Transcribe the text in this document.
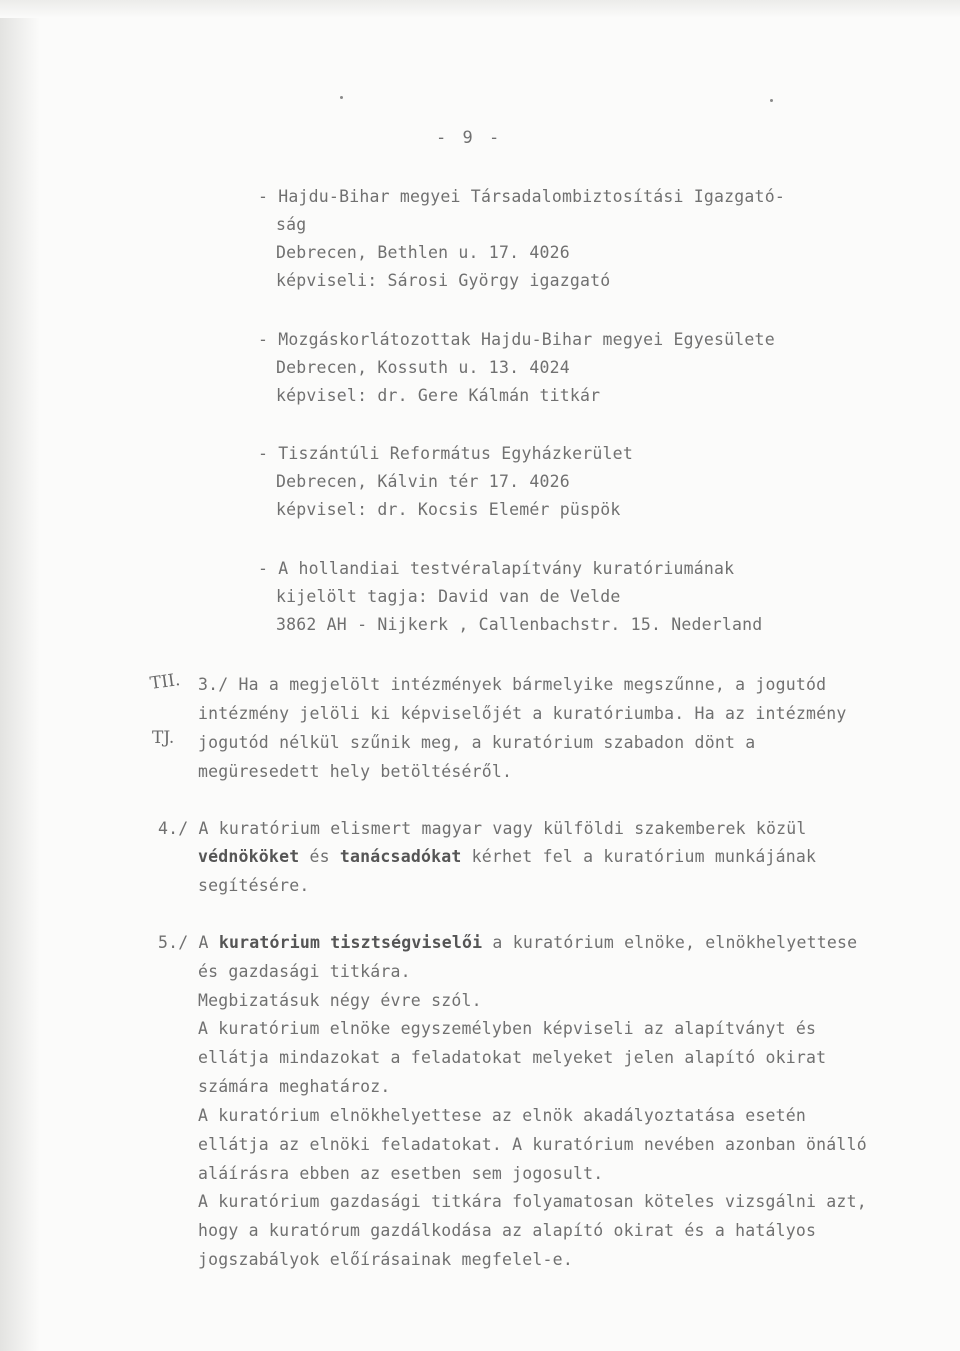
- 9 -
- Hajdu-Bihar megyei Társadalombiztosítási Igazgató-
ság
Debrecen, Bethlen u. 17. 4026
képviseli: Sárosi György igazgató
- Mozgáskorlátozottak Hajdu-Bihar megyei Egyesülete
Debrecen, Kossuth u. 13. 4024
képvisel: dr. Gere Kálmán titkár
- Tiszántúli Református Egyházkerület
Debrecen, Kálvin tér 17. 4026
képvisel: dr. Kocsis Elemér püspök
- A hollandiai testvéralapítvány kuratóriumának
kijelölt tagja: David van de Velde
3862 AH - Nijkerk , Callenbachstr. 15. Nederland
TII.
TJ.
3./ Ha a megjelölt intézmények bármelyike megszűnne, a jogutód
intézmény jelöli ki képviselőjét a kuratóriumba. Ha az intézmény
jogutód nélkül szűnik meg, a kuratórium szabadon dönt a
megüresedett hely betöltéséről.
4./ A kuratórium elismert magyar vagy külföldi szakemberek közül
védnököket és tanácsadókat kérhet fel a kuratórium munkájának
segítésére.
5./ A kuratórium tisztségviselői a kuratórium elnöke, elnökhelyettese
és gazdasági titkára.
Megbizatásuk négy évre szól.
A kuratórium elnöke egyszemélyben képviseli az alapítványt és
ellátja mindazokat a feladatokat melyeket jelen alapító okirat
számára meghatároz.
A kuratórium elnökhelyettese az elnök akadályoztatása esetén
ellátja az elnöki feladatokat. A kuratórium nevében azonban önálló
aláírásra ebben az esetben sem jogosult.
A kuratórium gazdasági titkára folyamatosan köteles vizsgálni azt,
hogy a kuratórum gazdálkodása az alapító okirat és a hatályos
jogszabályok előírásainak megfelel-e.
